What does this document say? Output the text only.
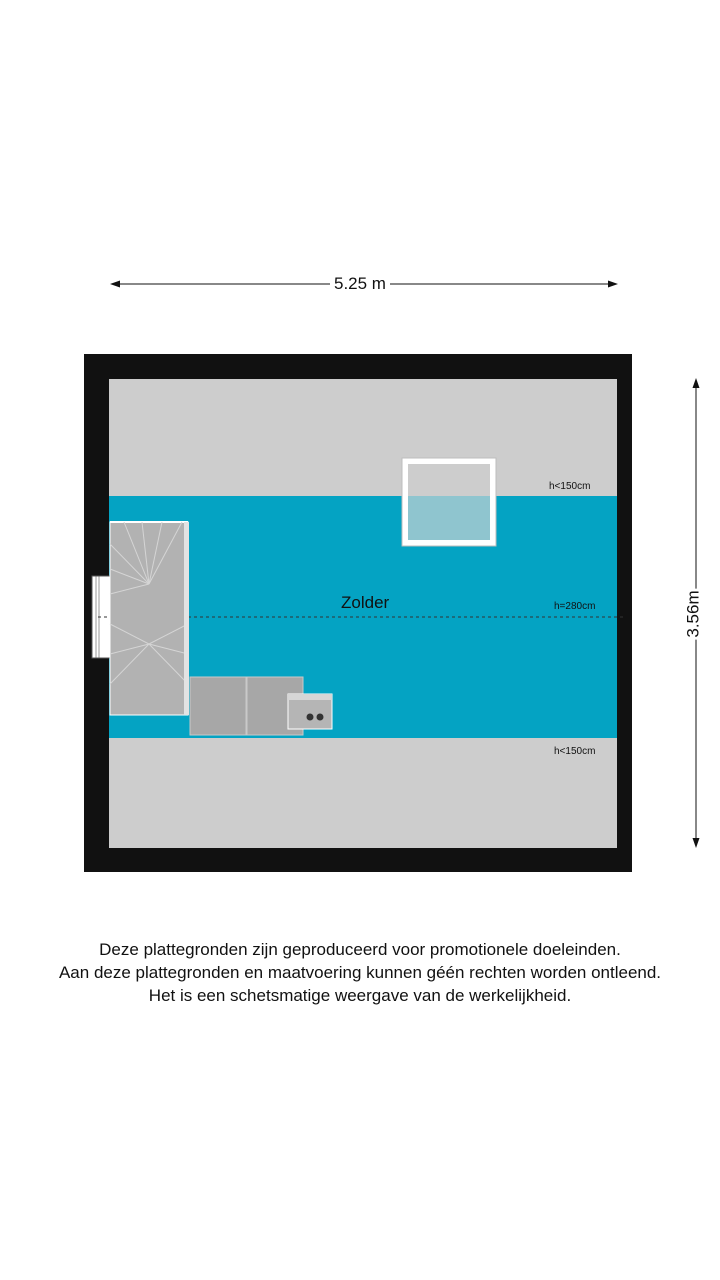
5.25 m
3.56m
Zolder
h<150cm
h=280cm
h<150cm
Deze plattegronden zijn geproduceerd voor promotionele doeleinden.
Aan deze plattegronden en maatvoering kunnen géén rechten worden ontleend.
Het is een schetsmatige weergave van de werkelijkheid.
